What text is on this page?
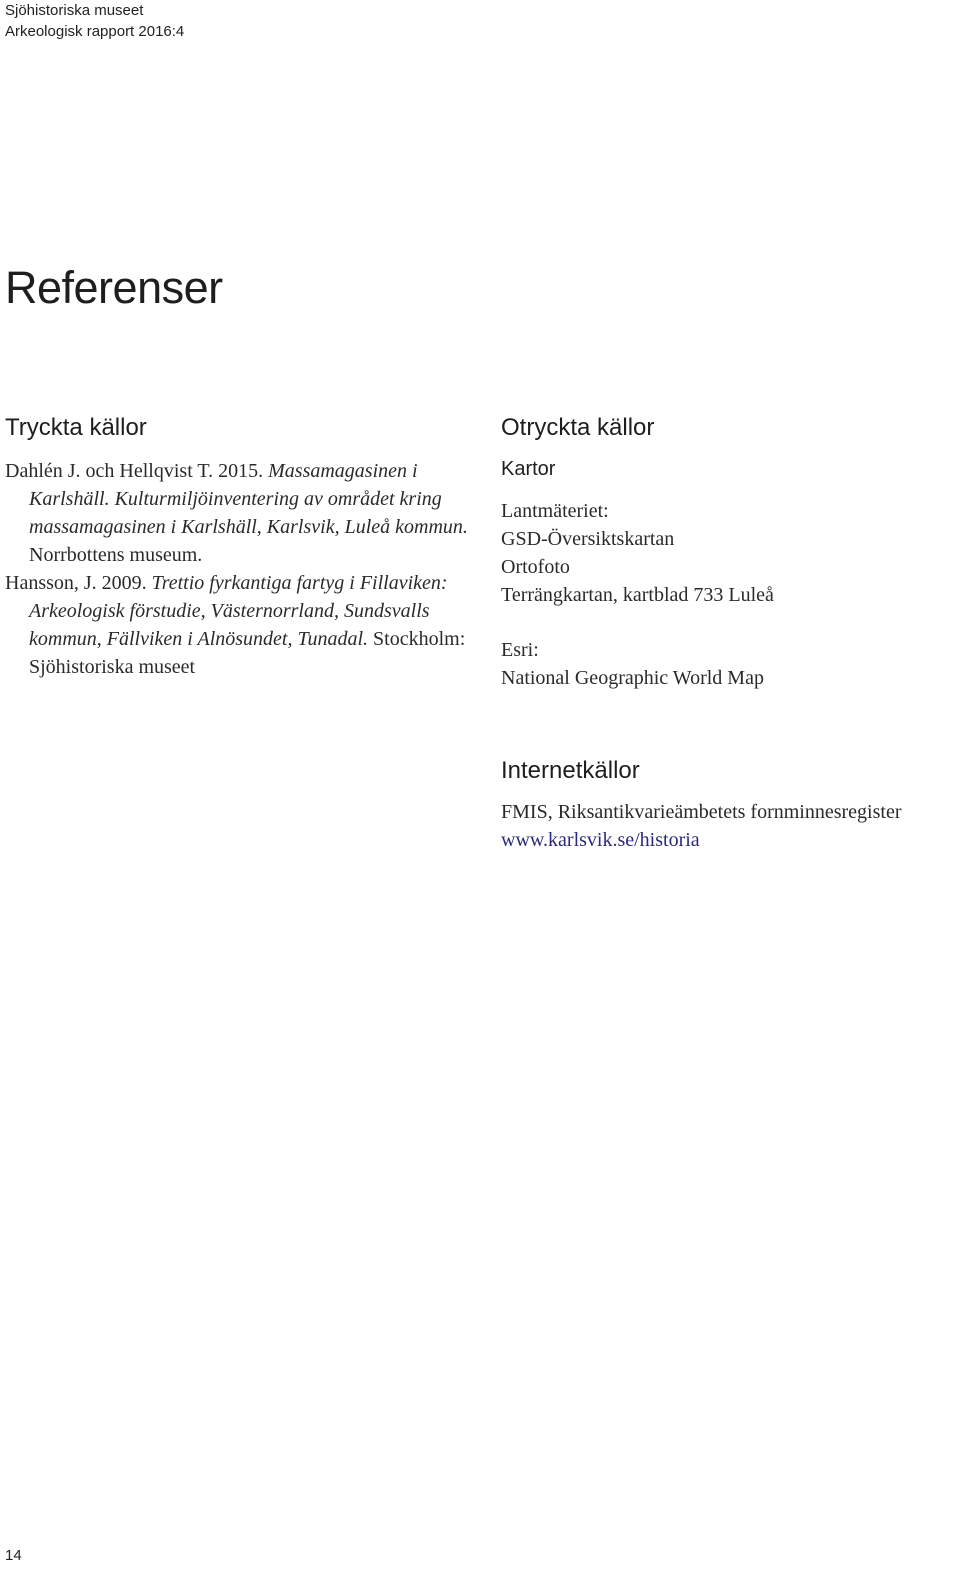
Sjöhistoriska museet
Arkeologisk rapport 2016:4
Referenser
Tryckta källor
Dahlén J. och Hellqvist T. 2015. Massamagasinen i Karlshäll. Kulturmiljöinventering av området kring massamagasinen i Karlshäll, Karlsvik, Luleå kommun. Norrbottens museum.
Hansson, J. 2009. Trettio fyrkantiga fartyg i Fillaviken: Arkeologisk förstudie, Västernorrland, Sundsvalls kommun, Fällviken i Alnösundet, Tunadal. Stockholm: Sjöhistoriska museet
Otryckta källor
Kartor
Lantmäteriet:
GSD-Översiktskartan
Ortofoto
Terrängkartan, kartblad 733 Luleå
Esri:
National Geographic World Map
Internetkällor
FMIS, Riksantikvarieämbetets fornminnesregister
www.karlsvik.se/historia
14
